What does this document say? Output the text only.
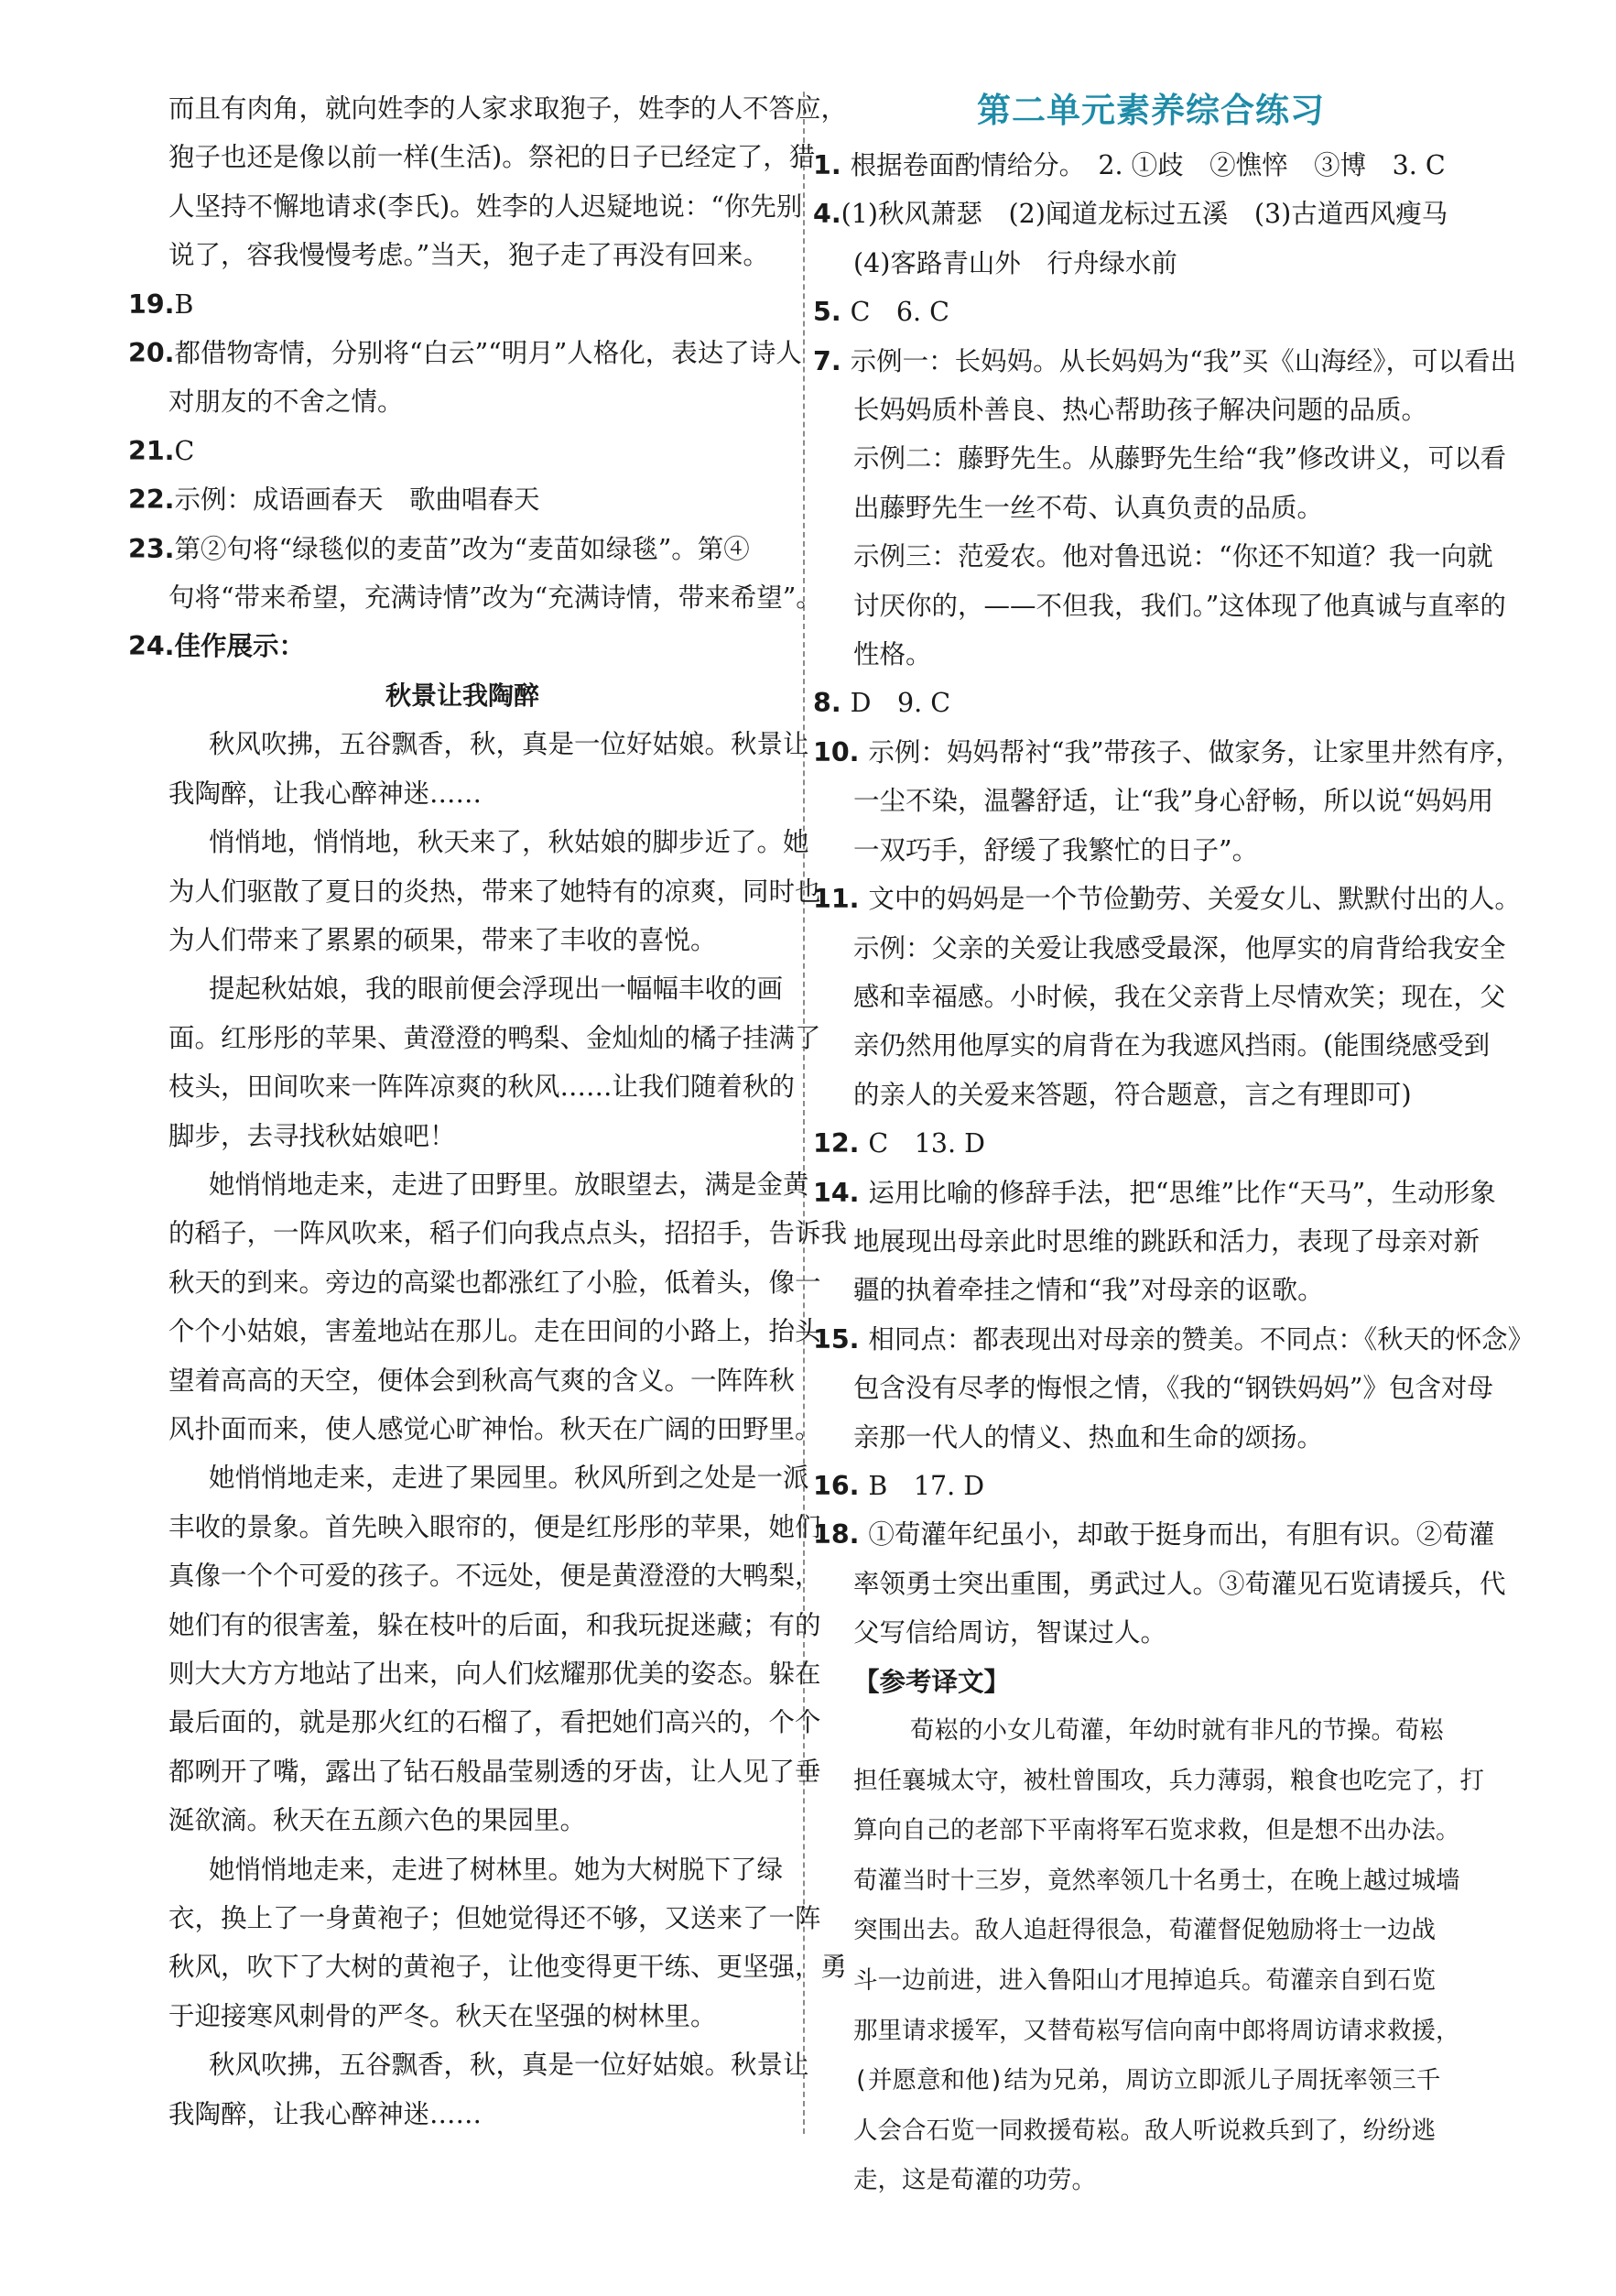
而且有肉角，就向姓李的人家求取狍子，姓李的人不答应，

狍子也还是像以前一样(生活)。祭祀的日子已经定了，猎

人坚持不懈地请求(李氏)。姓李的人迟疑地说：“你先别

说了，容我慢慢考虑。”当天，狍子走了再没有回来。

19.B

20.都借物寄情，分别将“白云”“明月”人格化，表达了诗人

对朋友的不舍之情。

21.C

22.示例：成语画春天　歌曲唱春天

23.第②句将“绿毯似的麦苗”改为“麦苗如绿毯”。第④

句将“带来希望，充满诗情”改为“充满诗情，带来希望”。

24.佳作展示：

秋景让我陶醉

秋风吹拂，五谷飘香，秋，真是一位好姑娘。秋景让

我陶醉，让我心醉神迷……

悄悄地，悄悄地，秋天来了，秋姑娘的脚步近了。她

为人们驱散了夏日的炎热，带来了她特有的凉爽，同时也

为人们带来了累累的硕果，带来了丰收的喜悦。

提起秋姑娘，我的眼前便会浮现出一幅幅丰收的画

面。红彤彤的苹果、黄澄澄的鸭梨、金灿灿的橘子挂满了

枝头，田间吹来一阵阵凉爽的秋风……让我们随着秋的

脚步，去寻找秋姑娘吧！

她悄悄地走来，走进了田野里。放眼望去，满是金黄

的稻子，一阵风吹来，稻子们向我点点头，招招手，告诉我

秋天的到来。旁边的高粱也都涨红了小脸，低着头，像一

个个小姑娘，害羞地站在那儿。走在田间的小路上，抬头

望着高高的天空，便体会到秋高气爽的含义。一阵阵秋

风扑面而来，使人感觉心旷神怡。秋天在广阔的田野里。

她悄悄地走来，走进了果园里。秋风所到之处是一派

丰收的景象。首先映入眼帘的，便是红彤彤的苹果，她们

真像一个个可爱的孩子。不远处，便是黄澄澄的大鸭梨，

她们有的很害羞，躲在枝叶的后面，和我玩捉迷藏；有的

则大大方方地站了出来，向人们炫耀那优美的姿态。躲在

最后面的，就是那火红的石榴了，看把她们高兴的，个个

都咧开了嘴，露出了钻石般晶莹剔透的牙齿，让人见了垂

涎欲滴。秋天在五颜六色的果园里。

她悄悄地走来，走进了树林里。她为大树脱下了绿

衣，换上了一身黄袍子；但她觉得还不够，又送来了一阵

秋风，吹下了大树的黄袍子，让他变得更干练、更坚强，勇

于迎接寒风刺骨的严冬。秋天在坚强的树林里。

秋风吹拂，五谷飘香，秋，真是一位好姑娘。秋景让

我陶醉，让我心醉神迷……

第二单元素养综合练习

1. 根据卷面酌情给分。　2. ①歧　②憔悴　③博　3. C

4.(1)秋风萧瑟　(2)闻道龙标过五溪　(3)古道西风瘦马

(4)客路青山外　行舟绿水前

5. C　6. C

7. 示例一：长妈妈。从长妈妈为“我”买《山海经》，可以看出

长妈妈质朴善良、热心帮助孩子解决问题的品质。

示例二：藤野先生。从藤野先生给“我”修改讲义，可以看

出藤野先生一丝不苟、认真负责的品质。

示例三：范爱农。他对鲁迅说：“你还不知道？我一向就

讨厌你的，——不但我，我们。”这体现了他真诚与直率的

性格。

8. D　9. C

10. 示例：妈妈帮衬“我”带孩子、做家务，让家里井然有序，

一尘不染，温馨舒适，让“我”身心舒畅，所以说“妈妈用

一双巧手，舒缓了我繁忙的日子”。

11. 文中的妈妈是一个节俭勤劳、关爱女儿、默默付出的人。

示例：父亲的关爱让我感受最深，他厚实的肩背给我安全

感和幸福感。小时候，我在父亲背上尽情欢笑；现在，父

亲仍然用他厚实的肩背在为我遮风挡雨。(能围绕感受到

的亲人的关爱来答题，符合题意，言之有理即可)

12. C　13. D

14. 运用比喻的修辞手法，把“思维”比作“天马”，生动形象

地展现出母亲此时思维的跳跃和活力，表现了母亲对新

疆的执着牵挂之情和“我”对母亲的讴歌。

15. 相同点：都表现出对母亲的赞美。不同点：《秋天的怀念》

包含没有尽孝的悔恨之情，《我的“钢铁妈妈”》包含对母

亲那一代人的情义、热血和生命的颂扬。

16. B　17. D

18. ①荀灌年纪虽小，却敢于挺身而出，有胆有识。②荀灌

率领勇士突出重围，勇武过人。③荀灌见石览请援兵，代

父写信给周访，智谋过人。

【参考译文】

荀崧的小女儿荀灌，年幼时就有非凡的节操。荀崧

担任襄城太守，被杜曾围攻，兵力薄弱，粮食也吃完了，打

算向自己的老部下平南将军石览求救，但是想不出办法。

荀灌当时十三岁，竟然率领几十名勇士，在晚上越过城墙

突围出去。敌人追赶得很急，荀灌督促勉励将士一边战

斗一边前进，进入鲁阳山才甩掉追兵。荀灌亲自到石览

那里请求援军，又替荀崧写信向南中郎将周访请求救援，

(并愿意和他)结为兄弟，周访立即派儿子周抚率领三千

人会合石览一同救援荀崧。敌人听说救兵到了，纷纷逃

走，这是荀灌的功劳。
